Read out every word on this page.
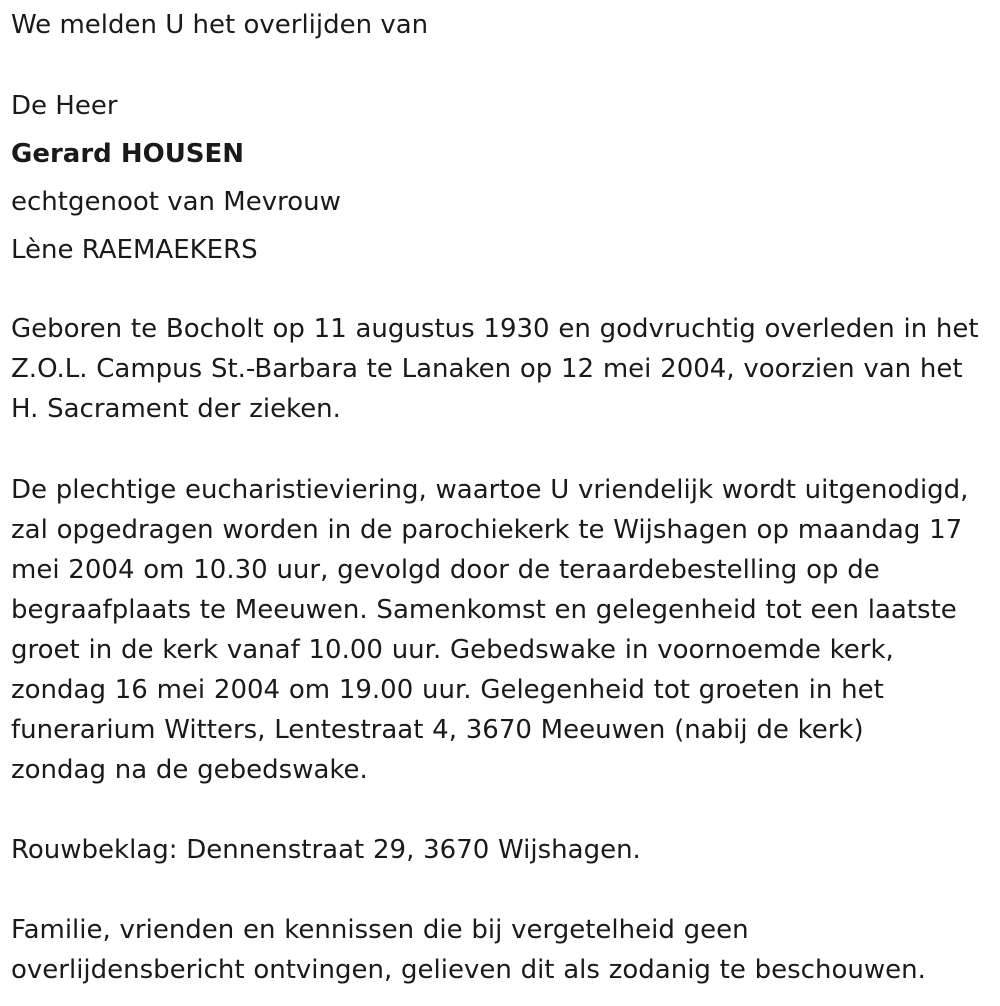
We melden U het overlijden van

De Heer

Gerard HOUSEN

echtgenoot van Mevrouw

Lène RAEMAEKERS

Geboren te Bocholt op 11 augustus 1930 en godvruchtig overleden in het
Z.O.L. Campus St.-Barbara te Lanaken op 12 mei 2004, voorzien van het
H. Sacrament der zieken.
De plechtige eucharistieviering, waartoe U vriendelijk wordt uitgenodigd,
zal opgedragen worden in de parochiekerk te Wijshagen op maandag 17
mei 2004 om 10.30 uur, gevolgd door de teraardebestelling op de
begraafplaats te Meeuwen. Samenkomst en gelegenheid tot een laatste
groet in de kerk vanaf 10.00 uur. Gebedswake in voornoemde kerk,
zondag 16 mei 2004 om 19.00 uur. Gelegenheid tot groeten in het
funerarium Witters, Lentestraat 4, 3670 Meeuwen (nabij de kerk)
zondag na de gebedswake.
Rouwbeklag: Dennenstraat 29, 3670 Wijshagen.
Familie, vrienden en kennissen die bij vergetelheid geen
overlijdensbericht ontvingen, gelieven dit als zodanig te beschouwen.
